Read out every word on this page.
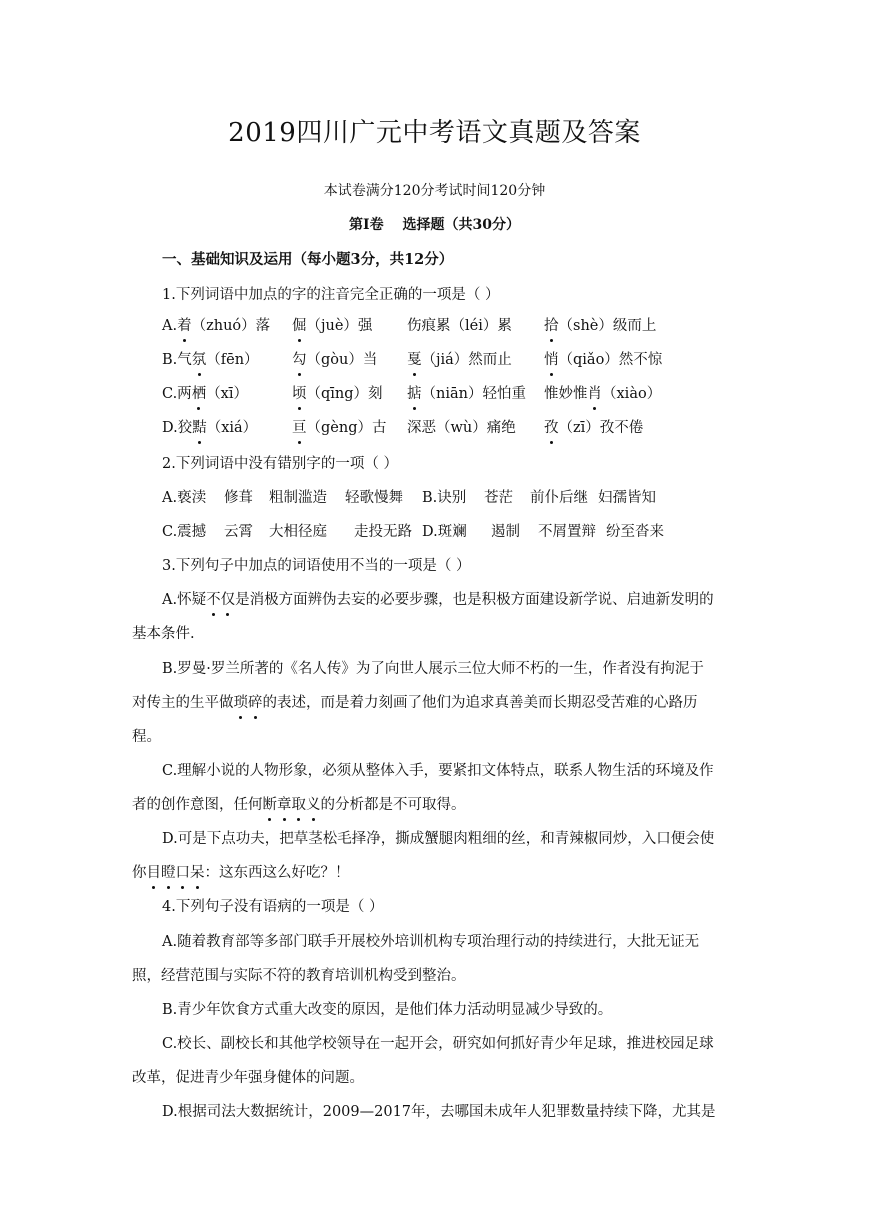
2019四川广元中考语文真题及答案
本试卷满分120分考试时间120分钟
第Ⅰ卷　 选择题（共30分）
一、基础知识及运用（每小题3分，共12分）
1.下列词语中加点的字的注音完全正确的一项是（ ）
A.着（zhuó）落 倔（juè）强 伤痕累（léi）累 拾（shè）级而上
B.气氛（fēn） 勾（gòu）当 戛（jiá）然而止 悄（qiǎo）然不惊
C.两栖（xī）	顷（qīng）刻 掂（niān）轻怕重 惟妙惟肖（xiào）
D.狡黠（xiá） 亘（gèng）古 深恶（wù）痛绝 孜（zī）孜不倦
2.下列词语中没有错别字的一项（ ）
A.亵渎 修葺 粗制滥造 轻歌慢舞 B.诀别 苍茫 前仆后继 妇孺皆知
C.震撼 云霄 大相径庭 走投无路 D.斑斓 遏制 不屑置辩 纷至沓来
3.下列句子中加点的词语使用不当的一项是（ ）
A.怀疑不仅是消极方面辨伪去妄的必要步骤，也是积极方面建设新学说、启迪新发明的
基本条件.
B.罗曼·罗兰所著的《名人传》为了向世人展示三位大师不朽的一生，作者没有拘泥于
对传主的生平做琐碎的表述，而是着力刻画了他们为追求真善美而长期忍受苦难的心路历
程。
C.理解小说的人物形象，必须从整体入手，要紧扣文体特点，联系人物生活的环境及作
者的创作意图，任何断章取义的分析都是不可取得。
D.可是下点功夫，把草茎松毛择净，撕成蟹腿肉粗细的丝，和青辣椒同炒，入口便会使
你目瞪口呆：这东西这么好吃？！
4.下列句子没有语病的一项是（ ）
A.随着教育部等多部门联手开展校外培训机构专项治理行动的持续进行，大批无证无
照，经营范围与实际不符的教育培训机构受到整治。
B.青少年饮食方式重大改变的原因，是他们体力活动明显减少导致的。
C.校长、副校长和其他学校领导在一起开会，研究如何抓好青少年足球，推进校园足球
改革，促进青少年强身健体的问题。
D.根据司法大数据统计，2009—2017年，去哪国未成年人犯罪数量持续下降，尤其是
